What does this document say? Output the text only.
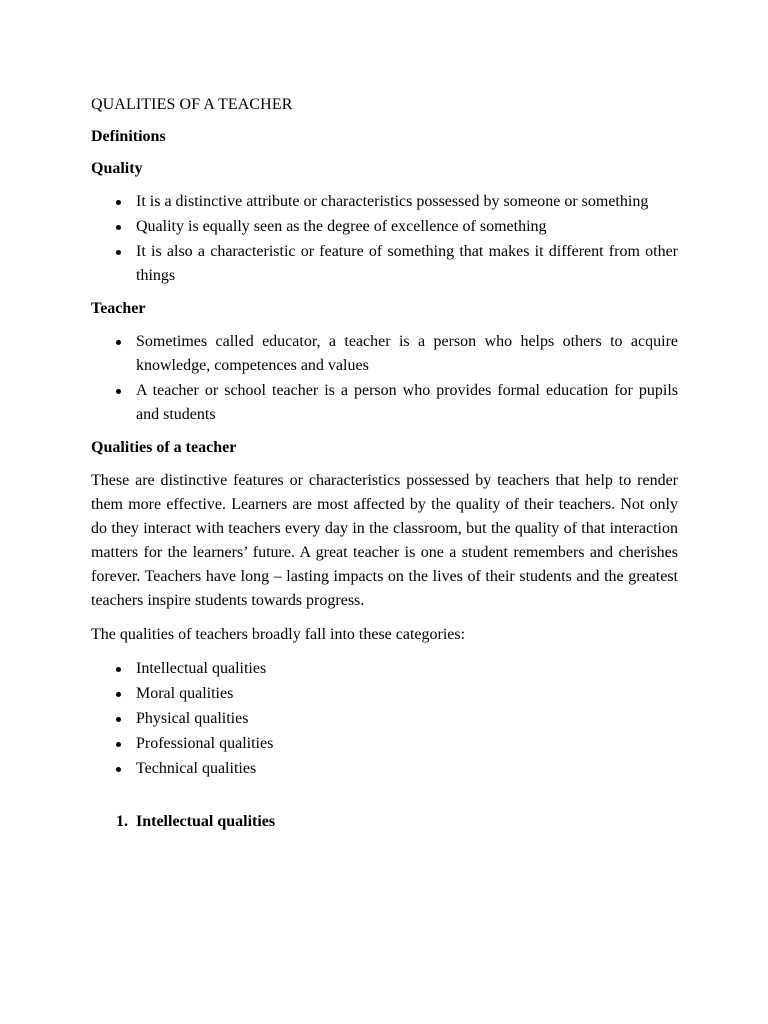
QUALITIES OF A TEACHER

Definitions

Quality

It is a distinctive attribute or characteristics possessed by someone or something
Quality is equally seen as the degree of excellence of something
It is also a characteristic or feature of something that makes it different from other things

Teacher

Sometimes called educator, a teacher is a person who helps others to acquire knowledge, competences and values
A teacher or school teacher is a person who provides formal education for pupils and students

Qualities of a teacher

These are distinctive features or characteristics possessed by teachers that help to render them more effective. Learners are most affected by the quality of their teachers. Not only do they interact with teachers every day in the classroom, but the quality of that interaction matters for the learners’ future. A great teacher is one a student remembers and cherishes forever. Teachers have long – lasting impacts on the lives of their students and the greatest teachers inspire students towards progress.

The qualities of teachers broadly fall into these categories:

Intellectual qualities
Moral qualities
Physical qualities
Professional qualities
Technical qualities

1. Intellectual qualities
